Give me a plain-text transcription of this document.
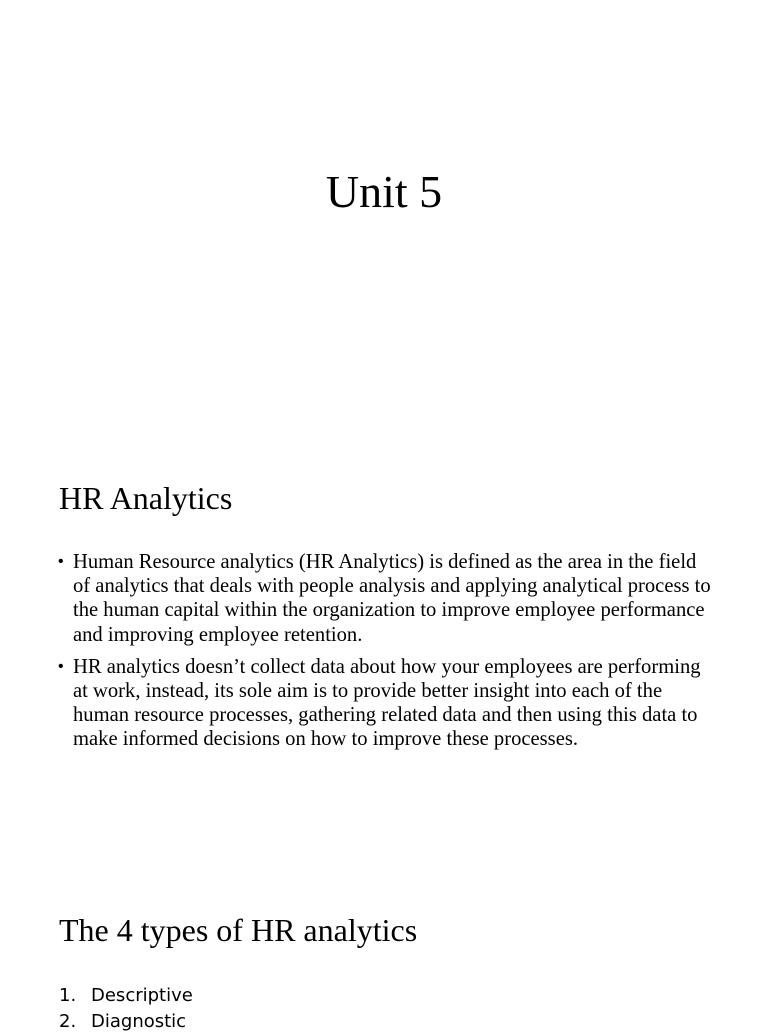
Unit 5
HR Analytics
• Human Resource analytics (HR Analytics) is defined as the area in the field of analytics that deals with people analysis and applying analytical process to the human capital within the organization to improve employee performance and improving employee retention.
• HR analytics doesn’t collect data about how your employees are performing at work, instead, its sole aim is to provide better insight into each of the human resource processes, gathering related data and then using this data to make informed decisions on how to improve these processes.
The 4 types of HR analytics
1. Descriptive
2. Diagnostic
